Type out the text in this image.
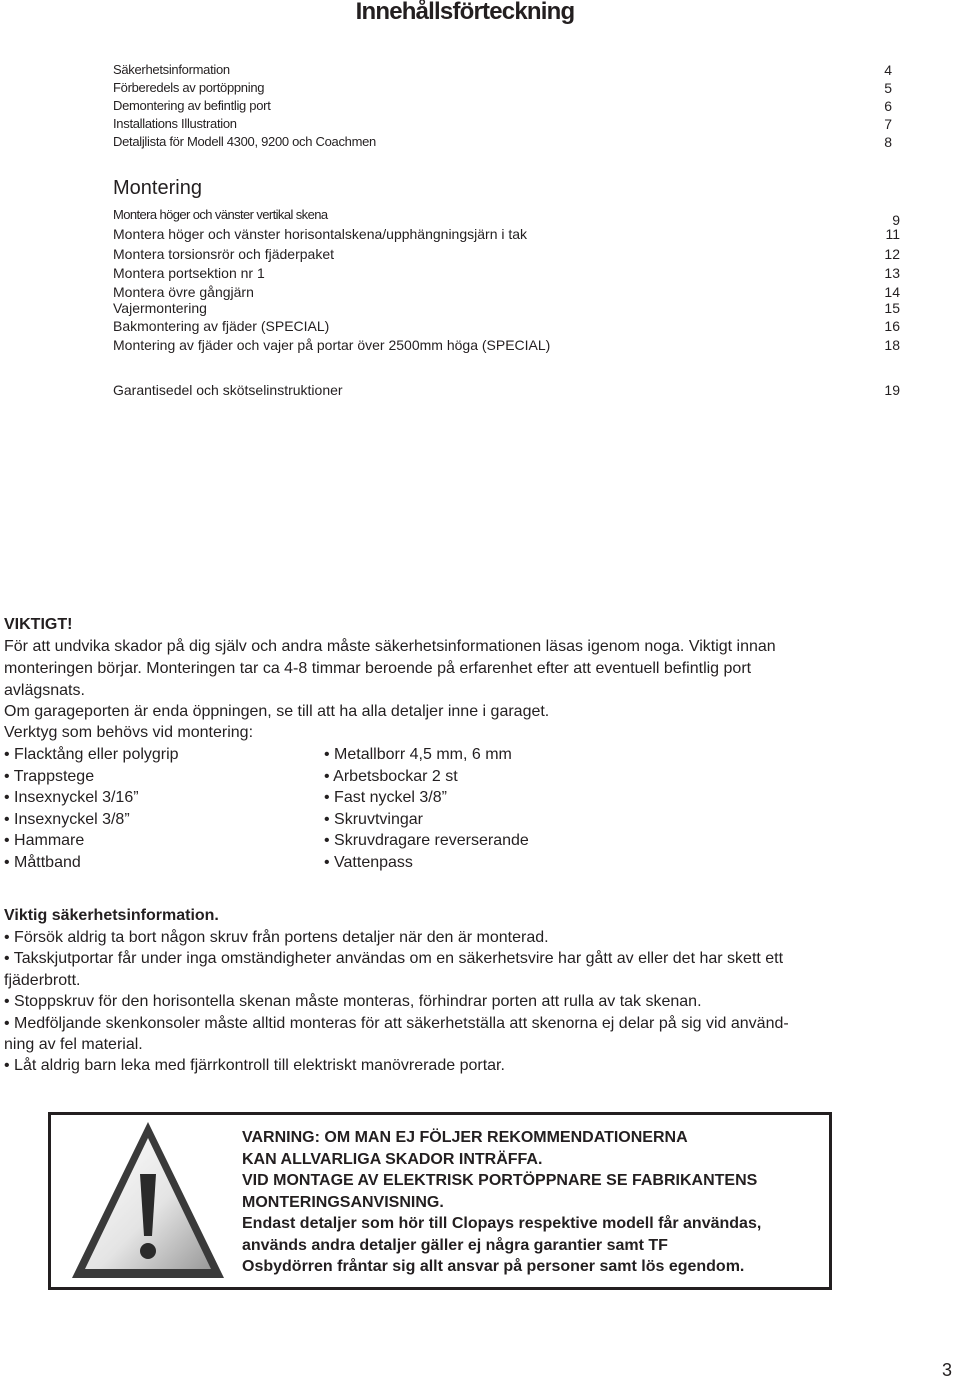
Innehållsförteckning
Säkerhetsinformation	4
Förberedels av portöppning	5
Demontering av befintlig port	6
Installations Illustration	7
Detaljlista för Modell 4300, 9200 och Coachmen	8
Montering
Montera höger och vänster vertikal skena	9
Montera höger och vänster horisontalskena/upphängningsjärn i tak	11
Montera torsionsrör och fjäderpaket	12
Montera portsektion nr 1	13
Montera övre gångjärn	14
Vajermontering	15
Bakmontering av fjäder (SPECIAL)	16
Montering av fjäder och vajer på portar över 2500mm höga (SPECIAL)	18
Garantisedel och skötselinstruktioner	19
VIKTIGT!
För att undvika skador på dig själv och andra måste säkerhetsinformationen läsas igenom noga. Viktigt innan
monteringen börjar. Monteringen tar ca 4-8 timmar beroende på erfarenhet efter att eventuell befintlig port
avlägsnats.
Om garageporten är enda öppningen, se till att ha alla detaljer inne i garaget.
Verktyg som behövs vid montering:
• Flacktång eller polygrip
• Trappstege
• Insexnyckel 3/16”
• Insexnyckel 3/8”
• Hammare
• Måttband
• Metallborr 4,5 mm, 6 mm
• Arbetsbockar 2 st
• Fast nyckel 3/8”
• Skruvtvingar
• Skruvdragare reverserande
• Vattenpass
Viktig säkerhetsinformation.
• Försök aldrig ta bort någon skruv från portens detaljer när den är monterad.
• Takskjutportar får under inga omständigheter användas om en säkerhetsvire har gått av eller det har skett ett
fjäderbrott.
• Stoppskruv för den horisontella skenan måste monteras, förhindrar porten att rulla av tak skenan.
• Medföljande skenkonsoler måste alltid monteras för att säkerhetställa att skenorna ej delar på sig vid använd-
ning av fel material.
• Låt aldrig barn leka med fjärrkontroll till elektriskt manövrerade portar.
VARNING: OM MAN EJ FÖLJER REKOMMENDATIONERNA
KAN ALLVARLIGA SKADOR INTRÄFFA.
VID MONTAGE AV ELEKTRISK PORTÖPPNARE SE FABRIKANTENS
MONTERINGSANVISNING.
Endast detaljer som hör till Clopays respektive modell får användas,
används andra detaljer gäller ej några garantier samt TF
Osbydörren fråntar sig allt ansvar på personer samt lös egendom.
3
